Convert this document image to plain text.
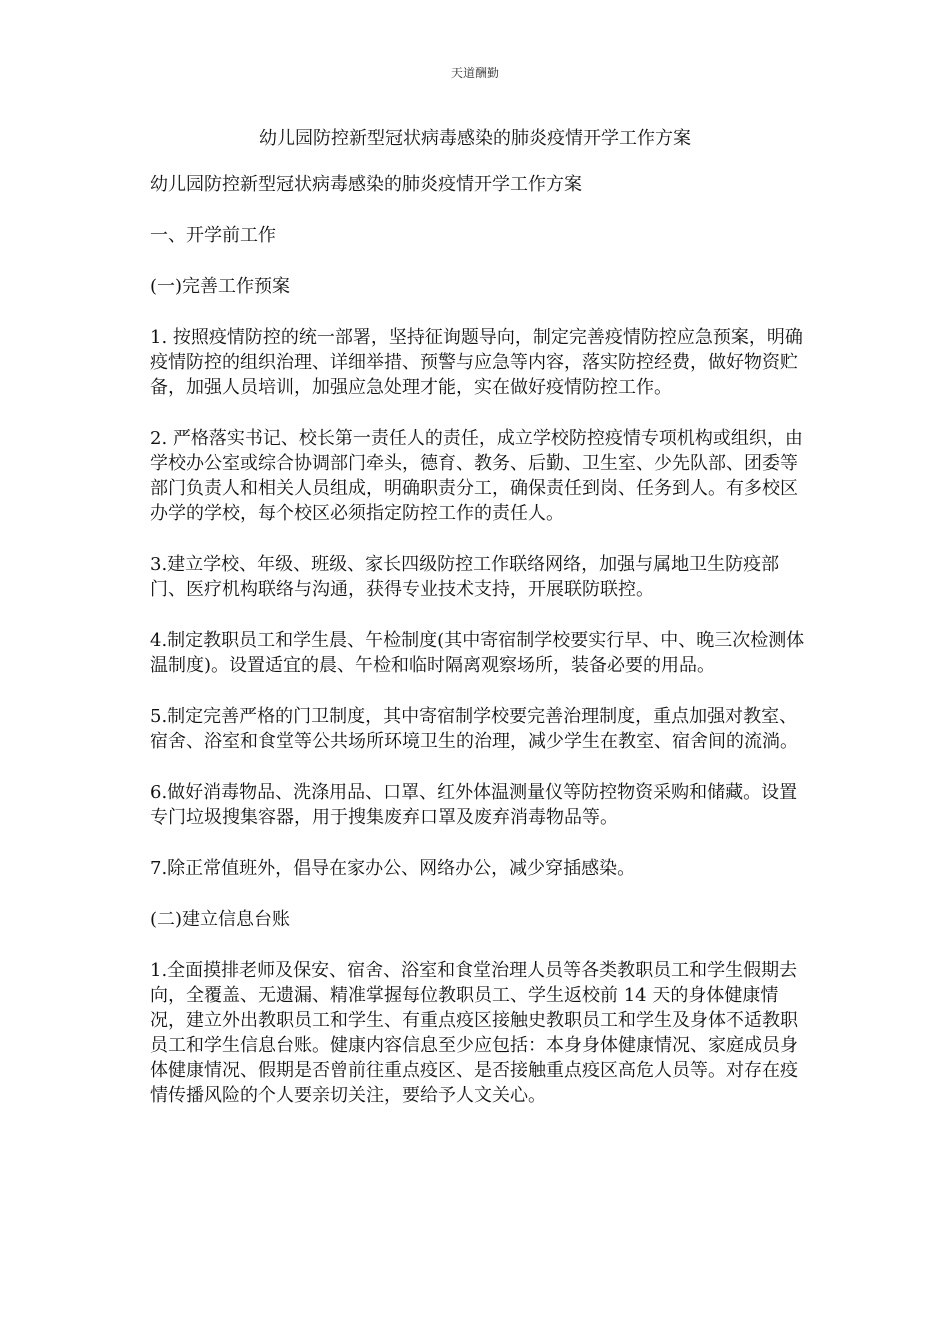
天道酬勤
幼儿园防控新型冠状病毒感染的肺炎疫情开学工作方案

幼儿园防控新型冠状病毒感染的肺炎疫情开学工作方案

一、开学前工作

(一)完善工作预案

1. 按照疫情防控的统一部署，坚持征询题导向，制定完善疫情防控应急预案，明确疫情防控的组织治理、详细举措、预警与应急等内容，落实防控经费，做好物资贮备，加强人员培训，加强应急处理才能，实在做好疫情防控工作。

2. 严格落实书记、校长第一责任人的责任，成立学校防控疫情专项机构或组织，由学校办公室或综合协调部门牵头，德育、教务、后勤、卫生室、少先队部、团委等部门负责人和相关人员组成，明确职责分工，确保责任到岗、任务到人。有多校区办学的学校，每个校区必须指定防控工作的责任人。

3.建立学校、年级、班级、家长四级防控工作联络网络，加强与属地卫生防疫部门、医疗机构联络与沟通，获得专业技术支持，开展联防联控。

4.制定教职员工和学生晨、午检制度(其中寄宿制学校要实行早、中、晚三次检测体温制度)。设置适宜的晨、午检和临时隔离观察场所，装备必要的用品。

5.制定完善严格的门卫制度，其中寄宿制学校要完善治理制度，重点加强对教室、宿舍、浴室和食堂等公共场所环境卫生的治理，减少学生在教室、宿舍间的流淌。

6.做好消毒物品、洗涤用品、口罩、红外体温测量仪等防控物资采购和储藏。设置专门垃圾搜集容器，用于搜集废弃口罩及废弃消毒物品等。

7.除正常值班外，倡导在家办公、网络办公，减少穿插感染。

(二)建立信息台账

1.全面摸排老师及保安、宿舍、浴室和食堂治理人员等各类教职员工和学生假期去向，全覆盖、无遗漏、精准掌握每位教职员工、学生返校前 14 天的身体健康情况，建立外出教职员工和学生、有重点疫区接触史教职员工和学生及身体不适教职员工和学生信息台账。健康内容信息至少应包括：本身身体健康情况、家庭成员身体健康情况、假期是否曾前往重点疫区、是否接触重点疫区高危人员等。对存在疫情传播风险的个人要亲切关注，要给予人文关心。
